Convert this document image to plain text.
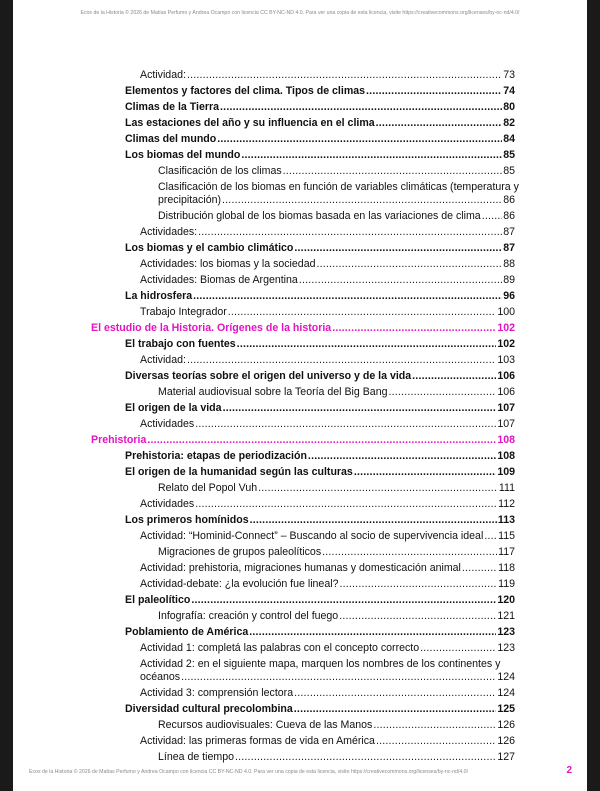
Ecos de la Historia © 2026 de Matías Perfumo y Andrea Ocampo con licencia CC BY-NC-ND 4.0. Para ver una copia de esta licencia, visite https://creativecommons.org/licenses/by-nc-nd/4.0/
Actividad: .....	73
Elementos y factores del clima. Tipos de climas .....	74
Climas de la Tierra .....	80
Las estaciones del año y su influencia en el clima .....	82
Climas del mundo .....	84
Los biomas del mundo .....	85
Clasificación de los climas .....	85
Clasificación de los biomas en función de variables climáticas (temperatura y
precipitación) .....	86
Distribución global de los biomas basada en las variaciones de clima ..... 86
Actividades: .....	87
Los biomas y el cambio climático .....	87
Actividades: los biomas y la sociedad .....	88
Actividades: Biomas de Argentina .....	89
La hidrosfera .....	96
Trabajo Integrador .....	100
El estudio de la Historia. Orígenes de la historia .....	102
El trabajo con fuentes .....	102
Actividad: .....	103
Diversas teorías sobre el origen del universo y de la vida .....	106
Material audiovisual sobre la Teoría del Big Bang .....	106
El origen de la vida .....	107
Actividades .....	107
Prehistoria .....	108
Prehistoria: etapas de periodización .....	108
El origen de la humanidad según las culturas .....	109
Relato del Popol Vuh .....	111
Actividades .....	112
Los primeros homínidos .....	113
Actividad: “Hominid-Connect” – Buscando al socio de supervivencia ideal ..... 115
Migraciones de grupos paleolíticos .....	117
Actividad: prehistoria, migraciones humanas y domesticación animal .....	118
Actividad-debate: ¿la evolución fue lineal? .....	119
El paleolítico .....	120
Infografía: creación y control del fuego .....	121
Poblamiento de América .....	123
Actividad 1: completá las palabras con el concepto correcto .....	123
Actividad 2: en el siguiente mapa, marquen los nombres de los continentes y
océanos .....	124
Actividad 3: comprensión lectora .....	124
Diversidad cultural precolombina .....	125
Recursos audiovisuales: Cueva de las Manos .....	126
Actividad: las primeras formas de vida en América .....	126
Línea de tiempo .....	127
Ecos de la Historia © 2026 de Matías Perfumo y Andrea Ocampo con licencia CC BY-NC-ND 4.0. Para ver una copia de esta licencia, visite https://creativecommons.org/licenses/by-nc-nd/4.0/	2
